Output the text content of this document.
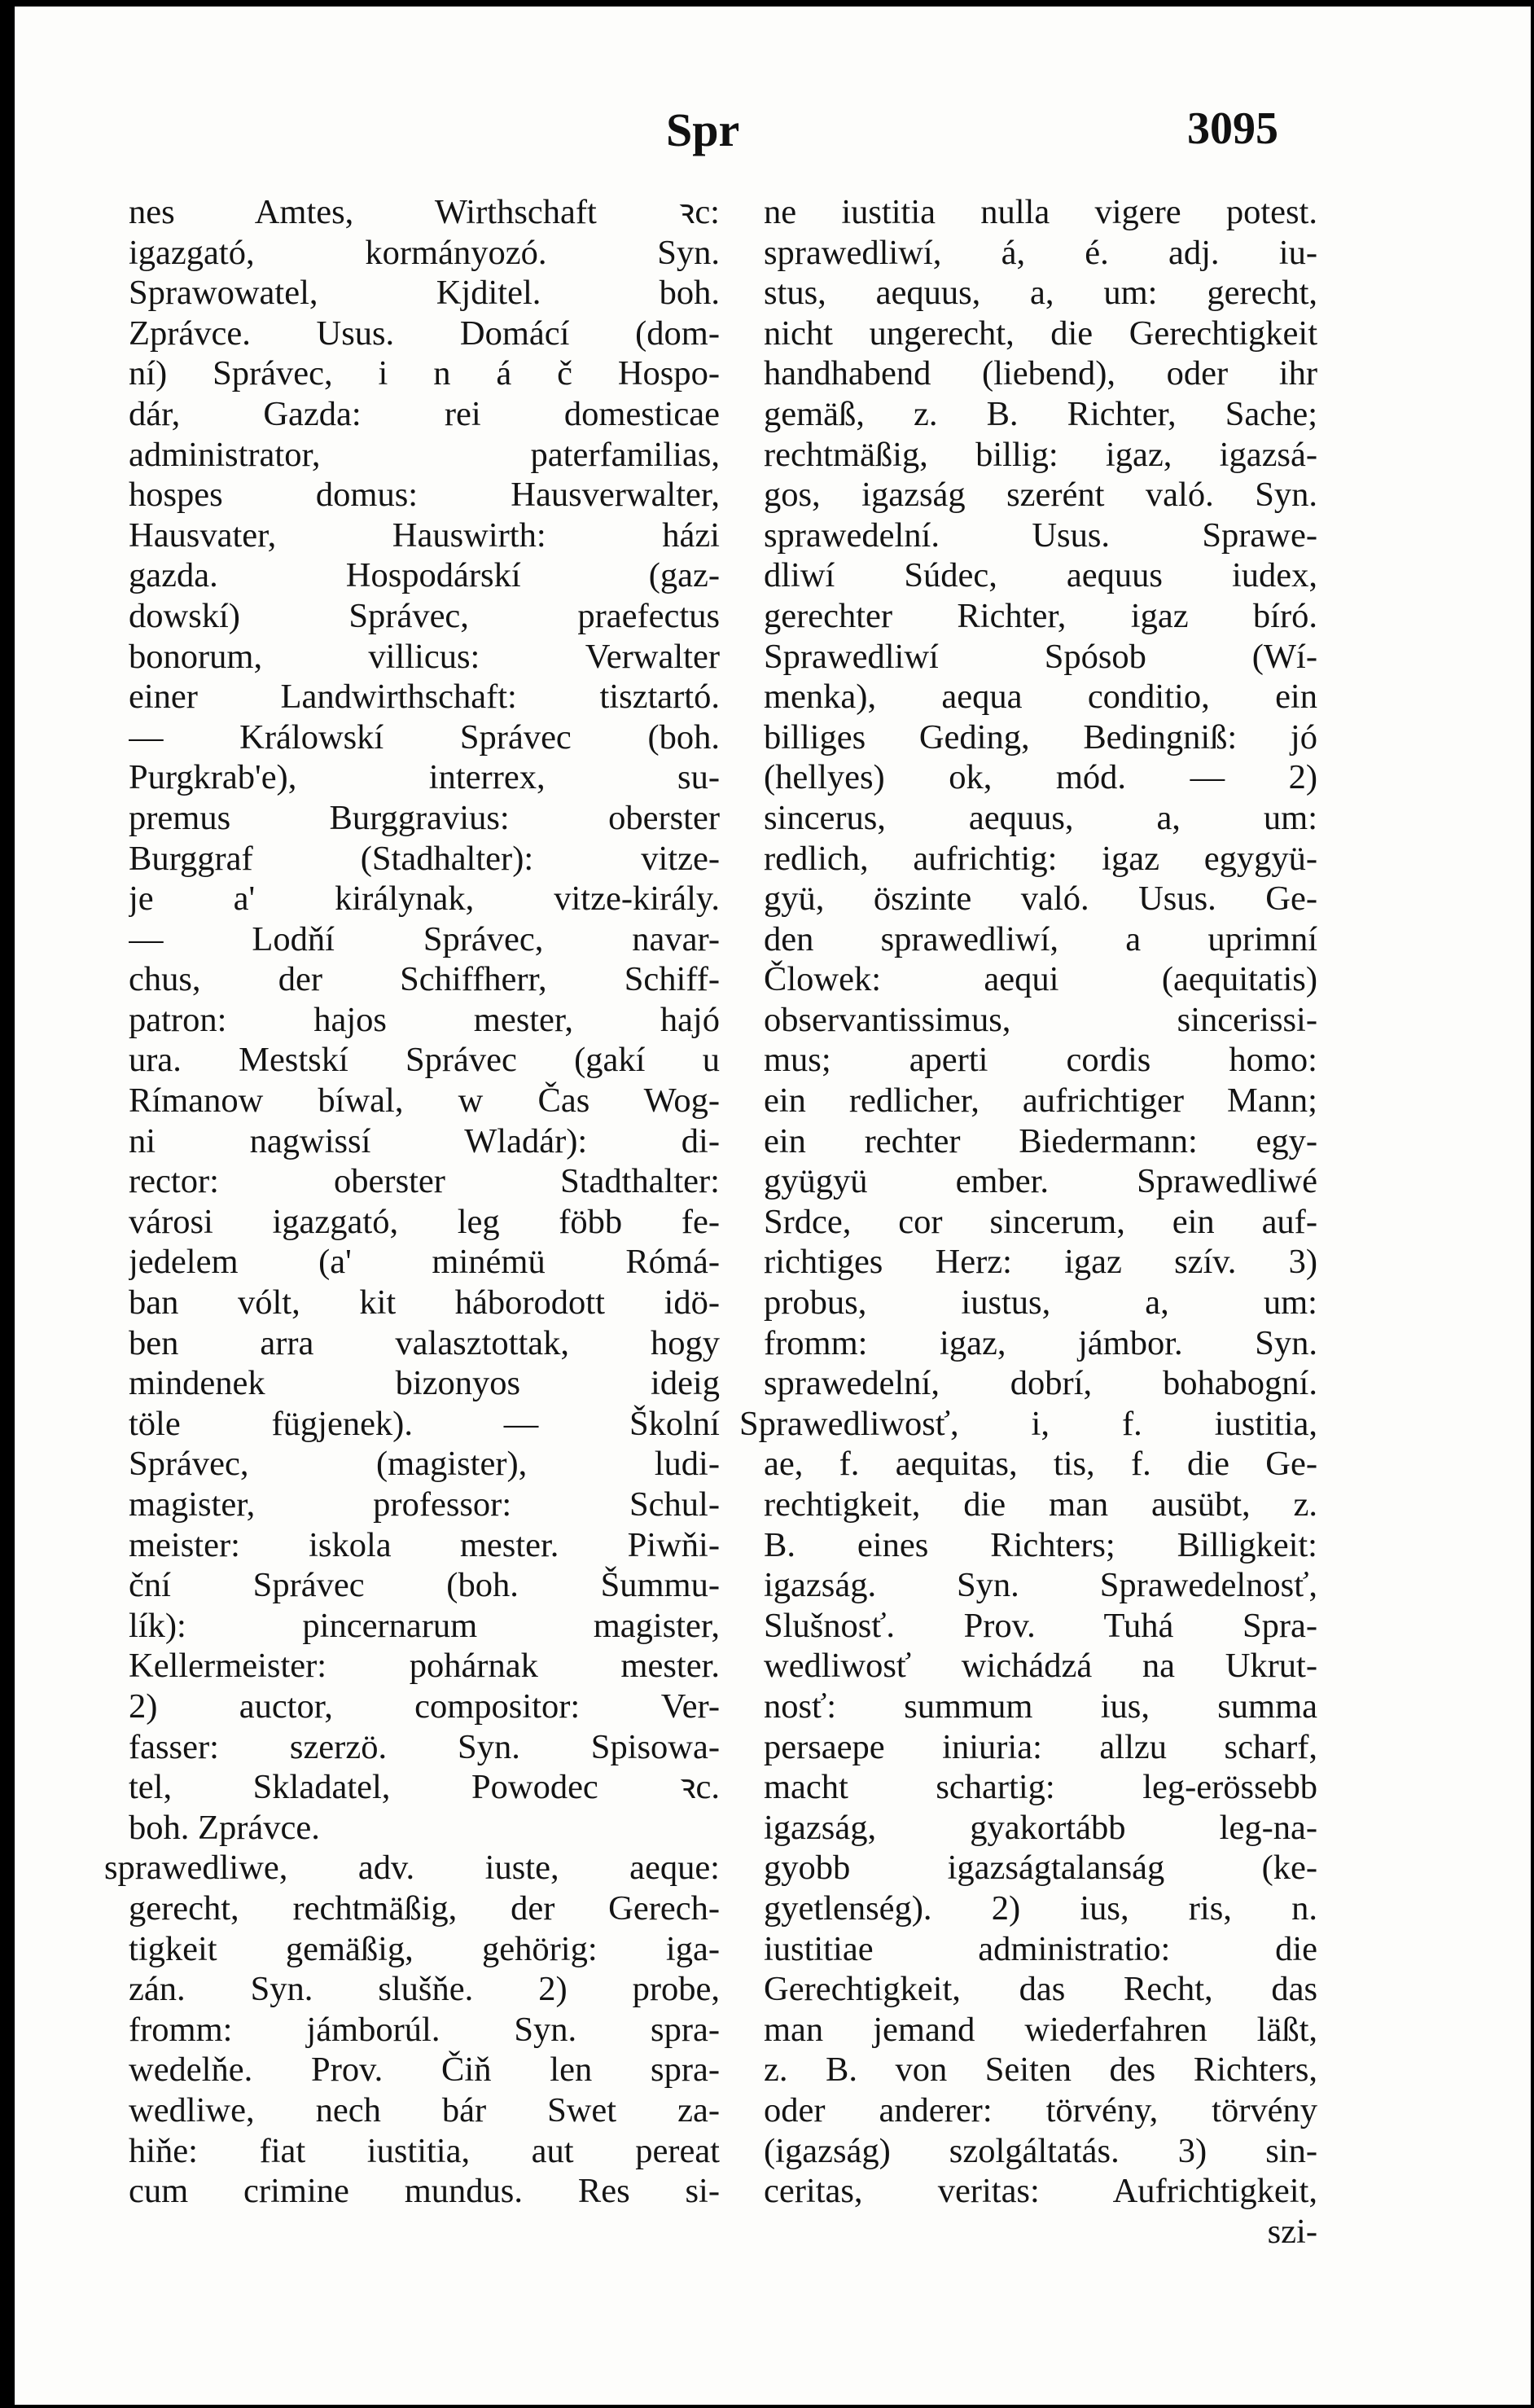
Spr	3095
nes Amtes, Wirthschaft ꝛc:
igazgató, kormányozó. Syn.
Sprawowatel, Kjditel. boh.
Zprávce. Usus. Domácí (dom-
ní) Správec, i n á č Hospo-
dár, Gazda: rei domesticae
administrator, paterfamilias,
hospes domus: Hausverwalter,
Hausvater, Hauswirth: házi
gazda. Hospodárskí (gaz-
dowskí) Správec, praefectus
bonorum, villicus: Verwalter
einer Landwirthschaft: tisztartó.
— Králowskí Správec (boh.
Purgkrab'e), interrex, su-
premus Burggravius: oberster
Burggraf (Stadhalter): vitze-
je a' királynak, vitze-király.
— Lodňí Správec, navar-
chus, der Schiffherr, Schiff-
patron: hajos mester, hajó
ura. Mestskí Správec (gakí u
Rímanow bíwal, w Čas Wog-
ni nagwissí Wladár): di-
rector: oberster Stadthalter:
városi igazgató, leg föbb fe-
jedelem (a' minémü Rómá-
ban vólt, kit háborodott idö-
ben arra valasztottak, hogy
mindenek bizonyos ideig
töle fügjenek). — Školní
Správec, (magister), ludi-
magister, professor: Schul-
meister: iskola mester. Piwňi-
ční Správec (boh. Šummu-
lík): pincernarum magister,
Kellermeister: pohárnak mester.
2) auctor, compositor: Ver-
fasser: szerzö. Syn. Spisowa-
tel, Skladatel, Powodec ꝛc.
boh. Zprávce.
sprawedliwe, adv. iuste, aeque:
gerecht, rechtmäßig, der Gerech-
tigkeit gemäßig, gehörig: iga-
zán. Syn. slušňe. 2) probe,
fromm: jámborúl. Syn. spra-
wedelňe. Prov. Čiň len spra-
wedliwe, nech bár Swet za-
hiňe: fiat iustitia, aut pereat
cum crimine mundus. Res si-
ne iustitia nulla vigere potest.
sprawedliwí, á, é. adj. iu-
stus, aequus, a, um: gerecht,
nicht ungerecht, die Gerechtigkeit
handhabend (liebend), oder ihr
gemäß, z. B. Richter, Sache;
rechtmäßig, billig: igaz, igazsá-
gos, igazság szerént való. Syn.
sprawedelní. Usus. Sprawe-
dliwí Súdec, aequus iudex,
gerechter Richter, igaz bíró.
Sprawedliwí Spósob (Wí-
menka), aequa conditio, ein
billiges Geding, Bedingniß: jó
(hellyes) ok, mód. — 2)
sincerus, aequus, a, um:
redlich, aufrichtig: igaz egygyü-
gyü, öszinte való. Usus. Ge-
den sprawedliwí, a uprimní
Člowek: aequi (aequitatis)
observantissimus, sincerissi-
mus; aperti cordis homo:
ein redlicher, aufrichtiger Mann;
ein rechter Biedermann: egy-
gyügyü ember. Sprawedliwé
Srdce, cor sincerum, ein auf-
richtiges Herz: igaz szív. 3)
probus, iustus, a, um:
fromm: igaz, jámbor. Syn.
sprawedelní, dobrí, bohabogní.
Sprawedliwosť, i, f. iustitia,
ae, f. aequitas, tis, f. die Ge-
rechtigkeit, die man ausübt, z.
B. eines Richters; Billigkeit:
igazság. Syn. Sprawedelnosť,
Slušnosť. Prov. Tuhá Spra-
wedliwosť wichádzá na Ukrut-
nosť: summum ius, summa
persaepe iniuria: allzu scharf,
macht schartig: leg-erössebb
igazság, gyakortább leg-na-
gyobb igazságtalanság (ke-
gyetlenség). 2) ius, ris, n.
iustitiae administratio: die
Gerechtigkeit, das Recht, das
man jemand wiederfahren läßt,
z. B. von Seiten des Richters,
oder anderer: törvény, törvény
(igazság) szolgáltatás. 3) sin-
ceritas, veritas: Aufrichtigkeit,
szi-
